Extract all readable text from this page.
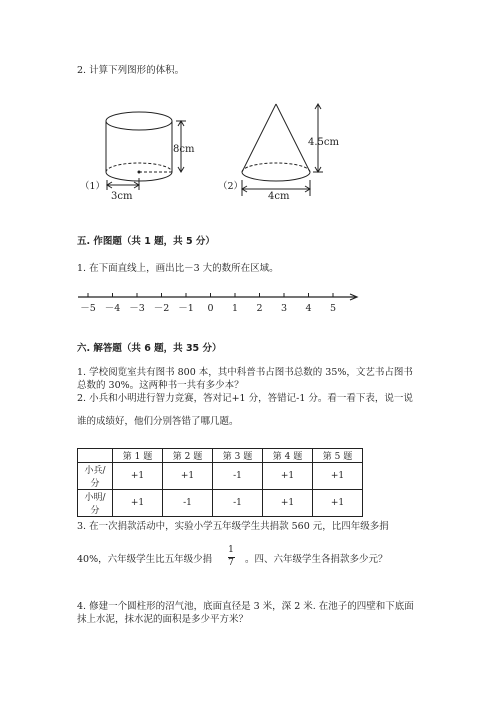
2. 计算下列图形的体积。
（1）
8cm
3cm
（2）
4.5cm
4cm
－5 －4 －3 －2 －1 0 1 2 3 4 5
五. 作图题（共 1 题，共 5 分）
1. 在下面直线上，画出比－3 大的数所在区域。
六. 解答题（共 6 题，共 35 分）
1. 学校阅览室共有图书 800 本，其中科普书占图书总数的 35%，文艺书占图书
总数的 30%。这两种书一共有多少本？
2. 小兵和小明进行智力竞赛，答对记+1 分，答错记-1 分。看一看下表，说一说
谁的成绩好，他们分别答错了哪几题。
	第 1 题	第 2 题	第 3 题	第 4 题	第 5 题
小兵/分	+1	+1	-1	+1	+1
小明/分	+1	-1	-1	+1	+1
3. 在一次捐款活动中，实验小学五年级学生共捐款 560 元，比四年级多捐
40%，六年级学生比五年级少捐
1
7 。四、六年级学生各捐款多少元？
4. 修建一个圆柱形的沼气池，底面直径是 3 米，深 2 米. 在池子的四壁和下底面
抹上水泥，抹水泥的面积是多少平方米？
